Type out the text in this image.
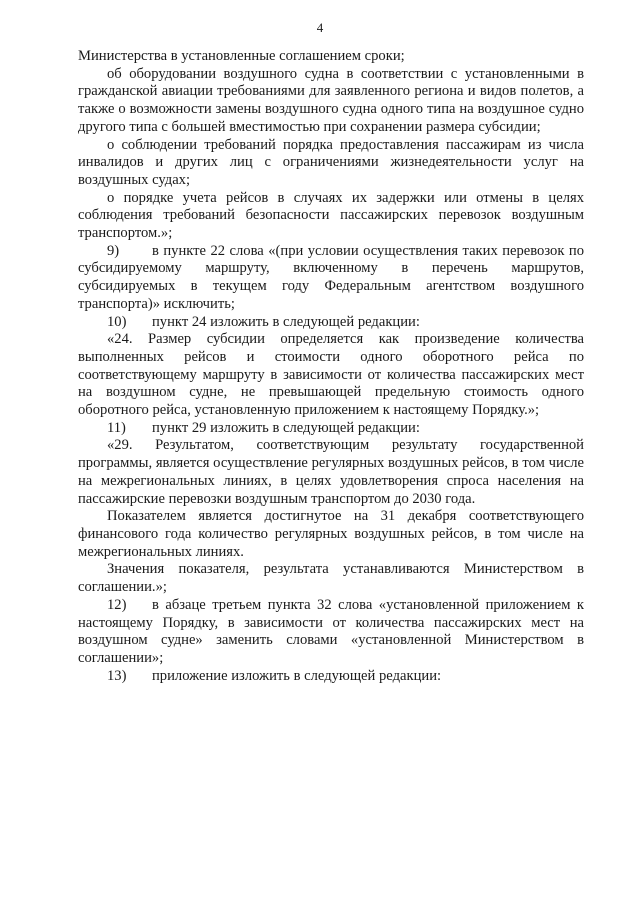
4

Министерства в установленные соглашением сроки;

об оборудовании воздушного судна в соответствии с установленными в гражданской авиации требованиями для заявленного региона и видов полетов, а также о возможности замены воздушного судна одного типа на воздушное судно другого типа с большей вместимостью при сохранении размера субсидии;

о соблюдении требований порядка предоставления пассажирам из числа инвалидов и других лиц с ограничениями жизнедеятельности услуг на воздушных судах;

о порядке учета рейсов в случаях их задержки или отмены в целях соблюдения требований безопасности пассажирских перевозок воздушным транспортом.»;

9) в пункте 22 слова «(при условии осуществления таких перевозок по субсидируемому маршруту, включенному в перечень маршрутов, субсидируемых в текущем году Федеральным агентством воздушного транспорта)» исключить;

10) пункт 24 изложить в следующей редакции:

«24. Размер субсидии определяется как произведение количества выполненных рейсов и стоимости одного оборотного рейса по соответствующему маршруту в зависимости от количества пассажирских мест на воздушном судне, не превышающей предельную стоимость одного оборотного рейса, установленную приложением к настоящему Порядку.»;

11) пункт 29 изложить в следующей редакции:

«29. Результатом, соответствующим результату государственной программы, является осуществление регулярных воздушных рейсов, в том числе на межрегиональных линиях, в целях удовлетворения спроса населения на пассажирские перевозки воздушным транспортом до 2030 года.

Показателем является достигнутое на 31 декабря соответствующего финансового года количество регулярных воздушных рейсов, в том числе на межрегиональных линиях.

Значения показателя, результата устанавливаются Министерством в соглашении.»;

12) в абзаце третьем пункта 32 слова «установленной приложением к настоящему Порядку, в зависимости от количества пассажирских мест на воздушном судне» заменить словами «установленной Министерством в соглашении»;

13) приложение изложить в следующей редакции:
